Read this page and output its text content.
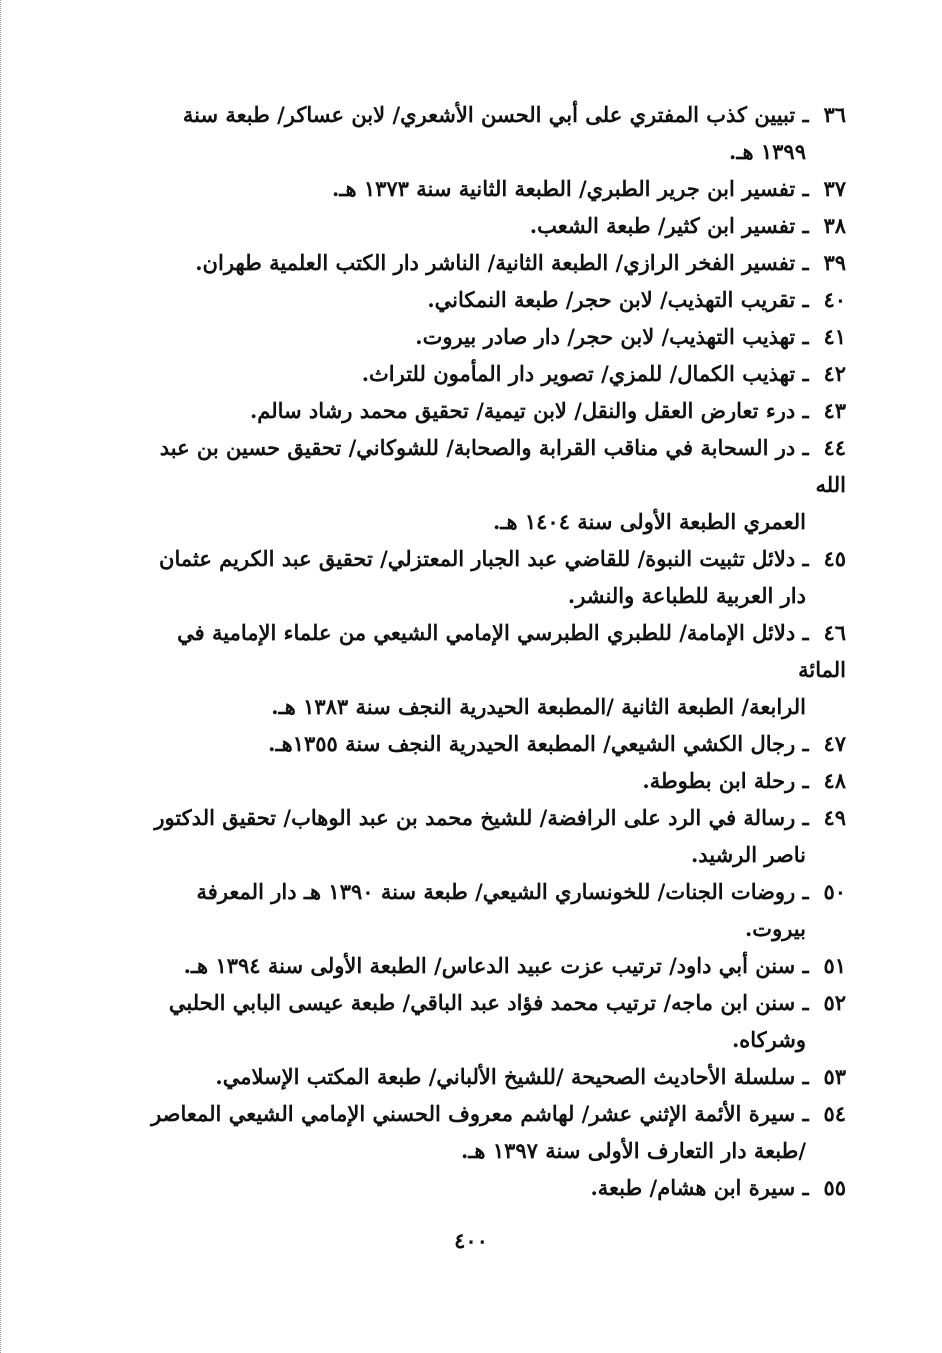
٣٦ ـ تبيين كذب المفتري على أبي الحسن الأشعري/ لابن عساكر/ طبعة سنة
١٣٩٩ هـ.
٣٧ ـ تفسير ابن جرير الطبري/ الطبعة الثانية سنة ١٣٧٣ هـ.
٣٨ ـ تفسير ابن كثير/ طبعة الشعب.
٣٩ ـ تفسير الفخر الرازي/ الطبعة الثانية/ الناشر دار الكتب العلمية طهران.
٤٠ ـ تقريب التهذيب/ لابن حجر/ طبعة النمكاني.
٤١ ـ تهذيب التهذيب/ لابن حجر/ دار صادر بيروت.
٤٢ ـ تهذيب الكمال/ للمزي/ تصوير دار المأمون للتراث.
٤٣ ـ درء تعارض العقل والنقل/ لابن تيمية/ تحقيق محمد رشاد سالم.
٤٤ ـ در السحابة في مناقب القرابة والصحابة/ للشوكاني/ تحقيق حسين بن عبد الله
العمري الطبعة الأولى سنة ١٤٠٤ هـ.
٤٥ ـ دلائل تثبيت النبوة/ للقاضي عبد الجبار المعتزلي/ تحقيق عبد الكريم عثمان
دار العربية للطباعة والنشر.
٤٦ ـ دلائل الإمامة/ للطبري الطبرسي الإمامي الشيعي من علماء الإمامية في المائة
الرابعة/ الطبعة الثانية /المطبعة الحيدرية النجف سنة ١٣٨٣ هـ.
٤٧ ـ رجال الكشي الشيعي/ المطبعة الحيدرية النجف سنة ١٣٥٥هـ.
٤٨ ـ رحلة ابن بطوطة.
٤٩ ـ رسالة في الرد على الرافضة/ للشيخ محمد بن عبد الوهاب/ تحقيق الدكتور
ناصر الرشيد.
٥٠ ـ روضات الجنات/ للخونساري الشيعي/ طبعة سنة ١٣٩٠ هـ دار المعرفة
بيروت.
٥١ ـ سنن أبي داود/ ترتيب عزت عبيد الدعاس/ الطبعة الأولى سنة ١٣٩٤ هـ.
٥٢ ـ سنن ابن ماجه/ ترتيب محمد فؤاد عبد الباقي/ طبعة عيسى البابي الحلبي
وشركاه.
٥٣ ـ سلسلة الأحاديث الصحيحة /للشيخ الألباني/ طبعة المكتب الإسلامي.
٥٤ ـ سيرة الأئمة الإثني عشر/ لهاشم معروف الحسني الإمامي الشيعي المعاصر
/طبعة دار التعارف الأولى سنة ١٣٩٧ هـ.
٥٥ ـ سيرة ابن هشام/ طبعة.
٤٠٠
